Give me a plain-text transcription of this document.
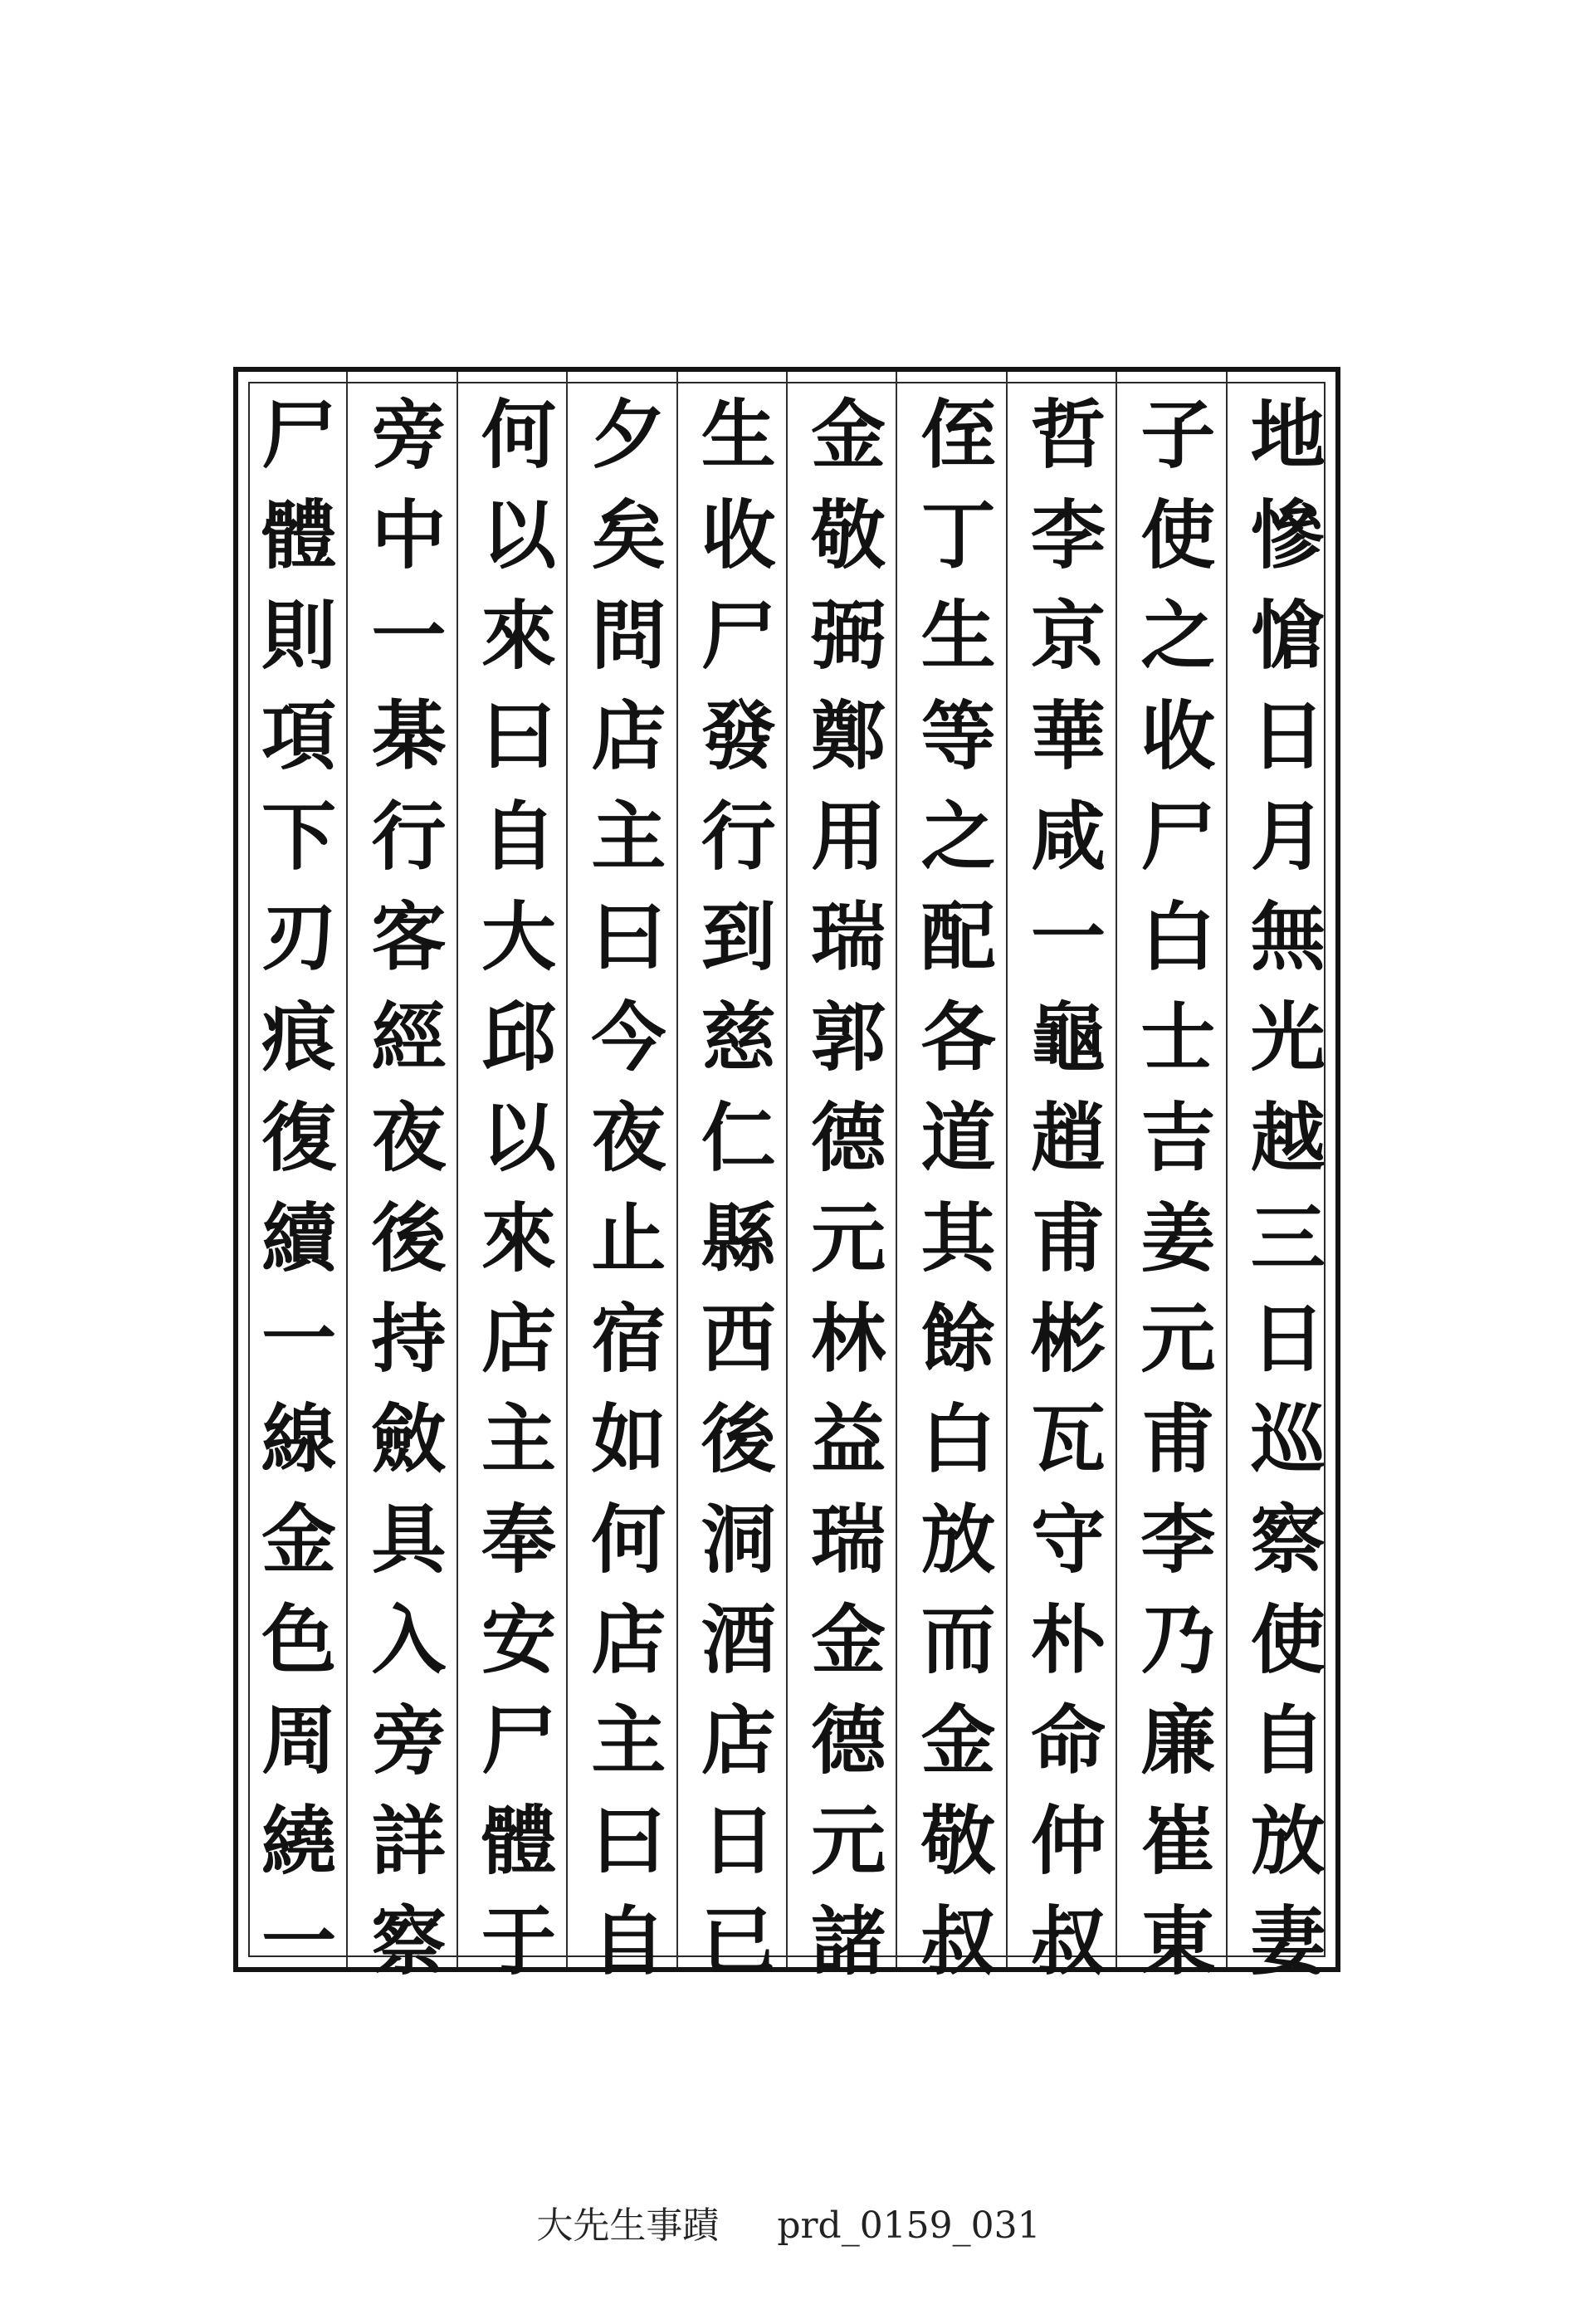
地慘愴日月無光越三日巡察使自放妻
子使之收尸白士吉姜元甫李乃廉崔東
哲李京華咸一龜趙甫彬瓦守朴命仲叔
侄丁生等之配各道其餘白放而金敬叔
金敬弼鄭用瑞郭德元林益瑞金德元諸
生收尸發行到慈仁縣西後洞酒店日已
夕矣問店主曰今夜止宿如何店主曰自
何以來曰自大邱以來店主奉安尸體于
旁中一棊行客經夜後持斂具入旁詳察
尸體則項下刃痕復續一線金色周繞一
大先生事蹟 prd_0159_031
